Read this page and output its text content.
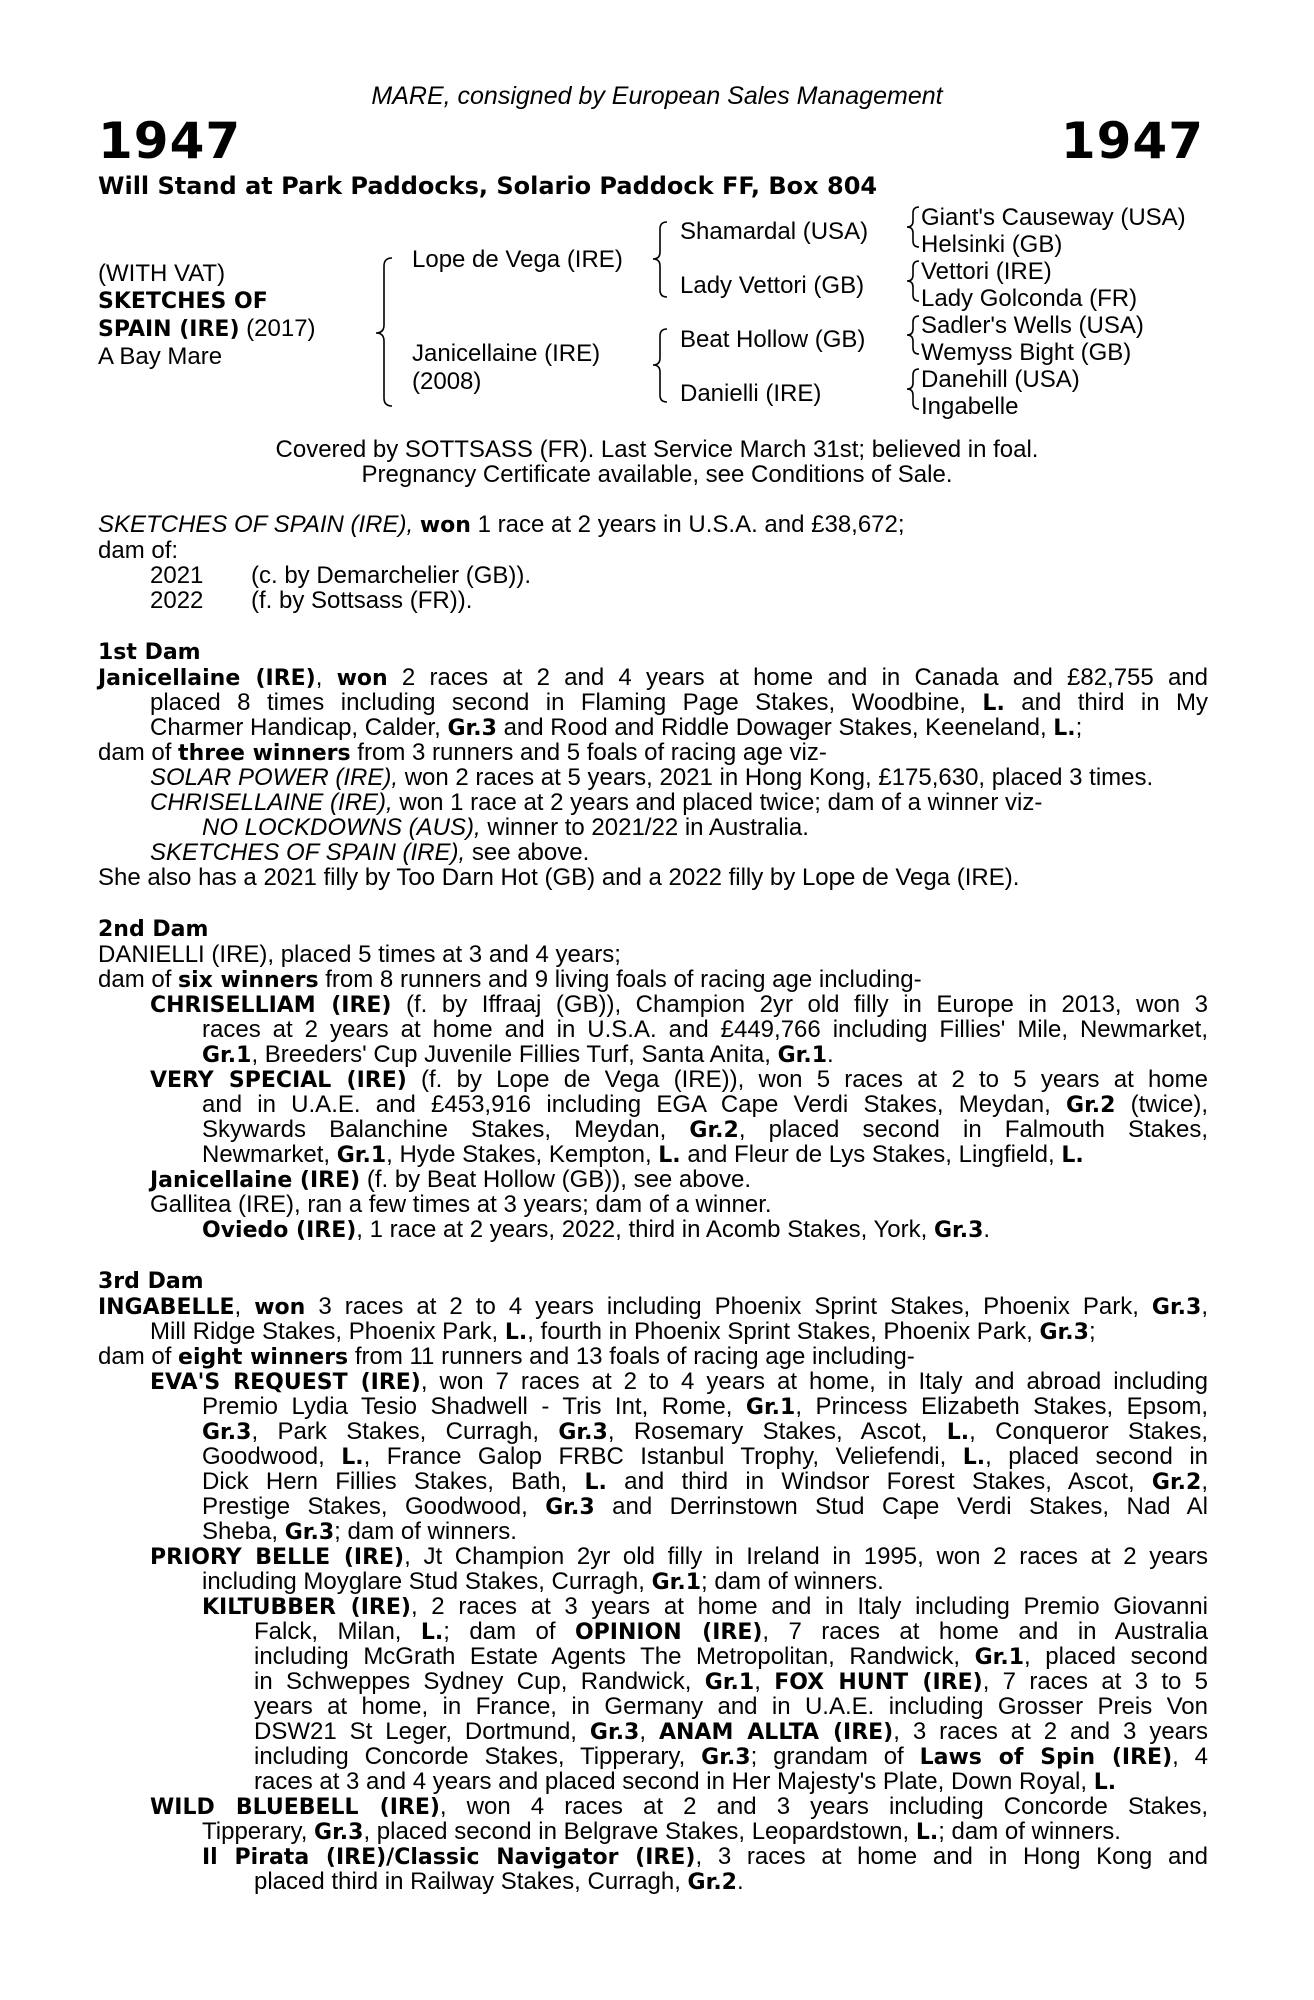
MARE, consigned by European Sales Management
1947	1947
Will Stand at Park Paddocks, Solario Paddock FF, Box 804
(WITH VAT)
SKETCHES OF
SPAIN (IRE) (2017)
A Bay Mare
Lope de Vega (IRE)
Janicellaine (IRE)
(2008)
Shamardal (USA)
Lady Vettori (GB)
Beat Hollow (GB)
Danielli (IRE)
Giant's Causeway (USA)
Helsinki (GB)
Vettori (IRE)
Lady Golconda (FR)
Sadler's Wells (USA)
Wemyss Bight (GB)
Danehill (USA)
Ingabelle
Covered by SOTTSASS (FR). Last Service March 31st; believed in foal.
Pregnancy Certificate available, see Conditions of Sale.
SKETCHES OF SPAIN (IRE), won 1 race at 2 years in U.S.A. and £38,672;
dam of:
2021 (c. by Demarchelier (GB)).
2022 (f. by Sottsass (FR)).
1st Dam
Janicellaine (IRE), won 2 races at 2 and 4 years at home and in Canada and £82,755 and
placed 8 times including second in Flaming Page Stakes, Woodbine, L. and third in My
Charmer Handicap, Calder, Gr.3 and Rood and Riddle Dowager Stakes, Keeneland, L.;
dam of three winners from 3 runners and 5 foals of racing age viz-
SOLAR POWER (IRE), won 2 races at 5 years, 2021 in Hong Kong, £175,630, placed 3 times.
CHRISELLAINE (IRE), won 1 race at 2 years and placed twice; dam of a winner viz-
NO LOCKDOWNS (AUS), winner to 2021/22 in Australia.
SKETCHES OF SPAIN (IRE), see above.
She also has a 2021 filly by Too Darn Hot (GB) and a 2022 filly by Lope de Vega (IRE).
2nd Dam
DANIELLI (IRE), placed 5 times at 3 and 4 years;
dam of six winners from 8 runners and 9 living foals of racing age including-
CHRISELLIAM (IRE) (f. by Iffraaj (GB)), Champion 2yr old filly in Europe in 2013, won 3
races at 2 years at home and in U.S.A. and £449,766 including Fillies' Mile, Newmarket,
Gr.1, Breeders' Cup Juvenile Fillies Turf, Santa Anita, Gr.1.
VERY SPECIAL (IRE) (f. by Lope de Vega (IRE)), won 5 races at 2 to 5 years at home
and in U.A.E. and £453,916 including EGA Cape Verdi Stakes, Meydan, Gr.2 (twice),
Skywards Balanchine Stakes, Meydan, Gr.2, placed second in Falmouth Stakes,
Newmarket, Gr.1, Hyde Stakes, Kempton, L. and Fleur de Lys Stakes, Lingfield, L.
Janicellaine (IRE) (f. by Beat Hollow (GB)), see above.
Gallitea (IRE), ran a few times at 3 years; dam of a winner.
Oviedo (IRE), 1 race at 2 years, 2022, third in Acomb Stakes, York, Gr.3.
3rd Dam
INGABELLE, won 3 races at 2 to 4 years including Phoenix Sprint Stakes, Phoenix Park, Gr.3,
Mill Ridge Stakes, Phoenix Park, L., fourth in Phoenix Sprint Stakes, Phoenix Park, Gr.3;
dam of eight winners from 11 runners and 13 foals of racing age including-
EVA'S REQUEST (IRE), won 7 races at 2 to 4 years at home, in Italy and abroad including
Premio Lydia Tesio Shadwell - Tris Int, Rome, Gr.1, Princess Elizabeth Stakes, Epsom,
Gr.3, Park Stakes, Curragh, Gr.3, Rosemary Stakes, Ascot, L., Conqueror Stakes,
Goodwood, L., France Galop FRBC Istanbul Trophy, Veliefendi, L., placed second in
Dick Hern Fillies Stakes, Bath, L. and third in Windsor Forest Stakes, Ascot, Gr.2,
Prestige Stakes, Goodwood, Gr.3 and Derrinstown Stud Cape Verdi Stakes, Nad Al
Sheba, Gr.3; dam of winners.
PRIORY BELLE (IRE), Jt Champion 2yr old filly in Ireland in 1995, won 2 races at 2 years
including Moyglare Stud Stakes, Curragh, Gr.1; dam of winners.
KILTUBBER (IRE), 2 races at 3 years at home and in Italy including Premio Giovanni
Falck, Milan, L.; dam of OPINION (IRE), 7 races at home and in Australia
including McGrath Estate Agents The Metropolitan, Randwick, Gr.1, placed second
in Schweppes Sydney Cup, Randwick, Gr.1, FOX HUNT (IRE), 7 races at 3 to 5
years at home, in France, in Germany and in U.A.E. including Grosser Preis Von
DSW21 St Leger, Dortmund, Gr.3, ANAM ALLTA (IRE), 3 races at 2 and 3 years
including Concorde Stakes, Tipperary, Gr.3; grandam of Laws of Spin (IRE), 4
races at 3 and 4 years and placed second in Her Majesty's Plate, Down Royal, L.
WILD BLUEBELL (IRE), won 4 races at 2 and 3 years including Concorde Stakes,
Tipperary, Gr.3, placed second in Belgrave Stakes, Leopardstown, L.; dam of winners.
Il Pirata (IRE)/Classic Navigator (IRE), 3 races at home and in Hong Kong and
placed third in Railway Stakes, Curragh, Gr.2.
